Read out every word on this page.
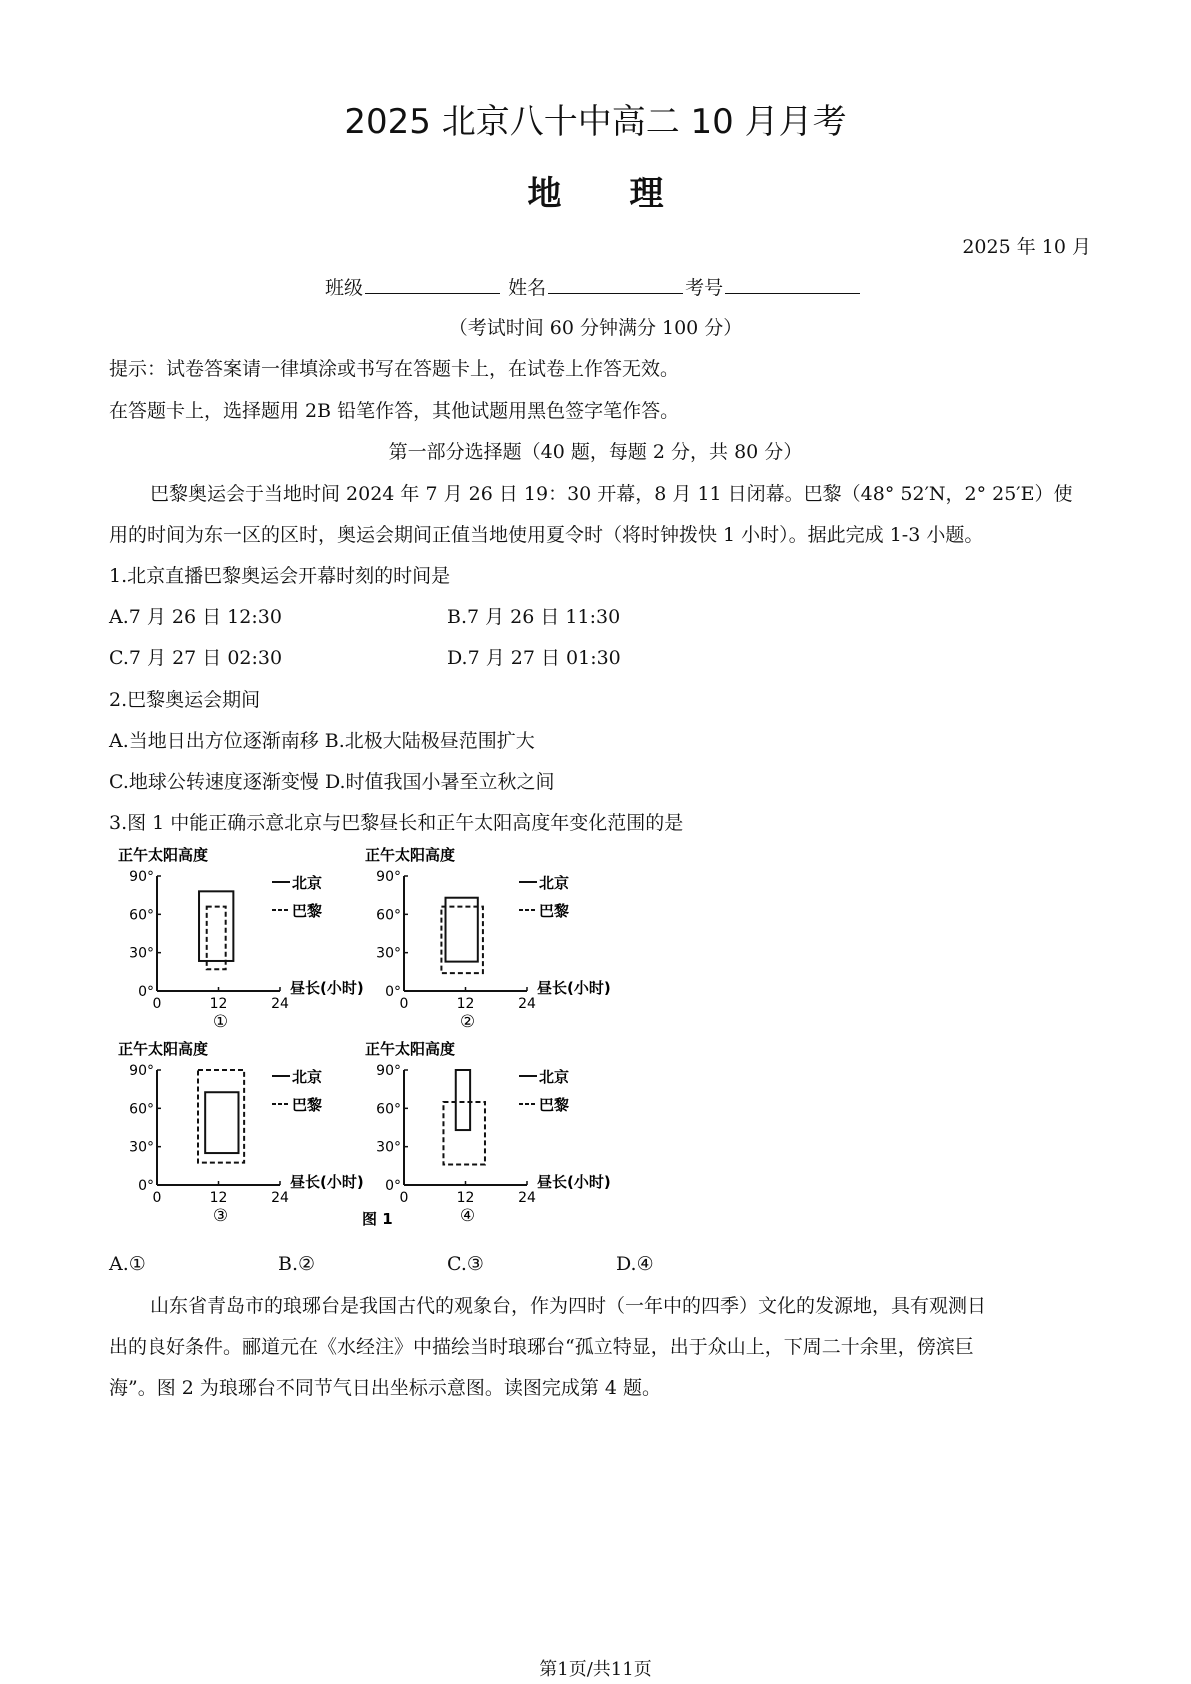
2025 北京八十中高二 10 月月考
地　　理
2025 年 10 月
班级	姓名	考号
（考试时间 60 分钟满分 100 分）
提示：试卷答案请一律填涂或书写在答题卡上，在试卷上作答无效。
在答题卡上，选择题用 2B 铅笔作答，其他试题用黑色签字笔作答。
第一部分选择题（40 题，每题 2 分，共 80 分）
巴黎奥运会于当地时间 2024 年 7 月 26 日 19：30 开幕，8 月 11 日闭幕。巴黎（48° 52′N，2° 25′E）使
用的时间为东一区的区时，奥运会期间正值当地使用夏令时（将时钟拨快 1 小时）。据此完成 1-3 小题。
1.北京直播巴黎奥运会开幕时刻的时间是
A.7 月 26 日 12:30	B.7 月 26 日 11:30
C.7 月 27 日 02:30	D.7 月 27 日 01:30
2.巴黎奥运会期间
A.当地日出方位逐渐南移 B.北极大陆极昼范围扩大
C.地球公转速度逐渐变慢 D.时值我国小暑至立秋之间
3.图 1 中能正确示意北京与巴黎昼长和正午太阳高度年变化范围的是
图 1
正午太阳高度
90°
60°
30°
0°
0	12	24
昼长(小时)
①
北京
巴黎
正午太阳高度
90°
60°
30°
0°
0	12	24
昼长(小时)
②
北京
巴黎
正午太阳高度
90°
60°
30°
0°
0	12	24
昼长(小时)
③
北京
巴黎
正午太阳高度
90°
60°
30°
0°
0	12	24
昼长(小时)
④
北京
巴黎
A.①	B.②	C.③	D.④
山东省青岛市的琅琊台是我国古代的观象台，作为四时（一年中的四季）文化的发源地，具有观测日
出的良好条件。郦道元在《水经注》中描绘当时琅琊台“孤立特显，出于众山上，下周二十余里，傍滨巨
海”。图 2 为琅琊台不同节气日出坐标示意图。读图完成第 4 题。
第1页/共11页
